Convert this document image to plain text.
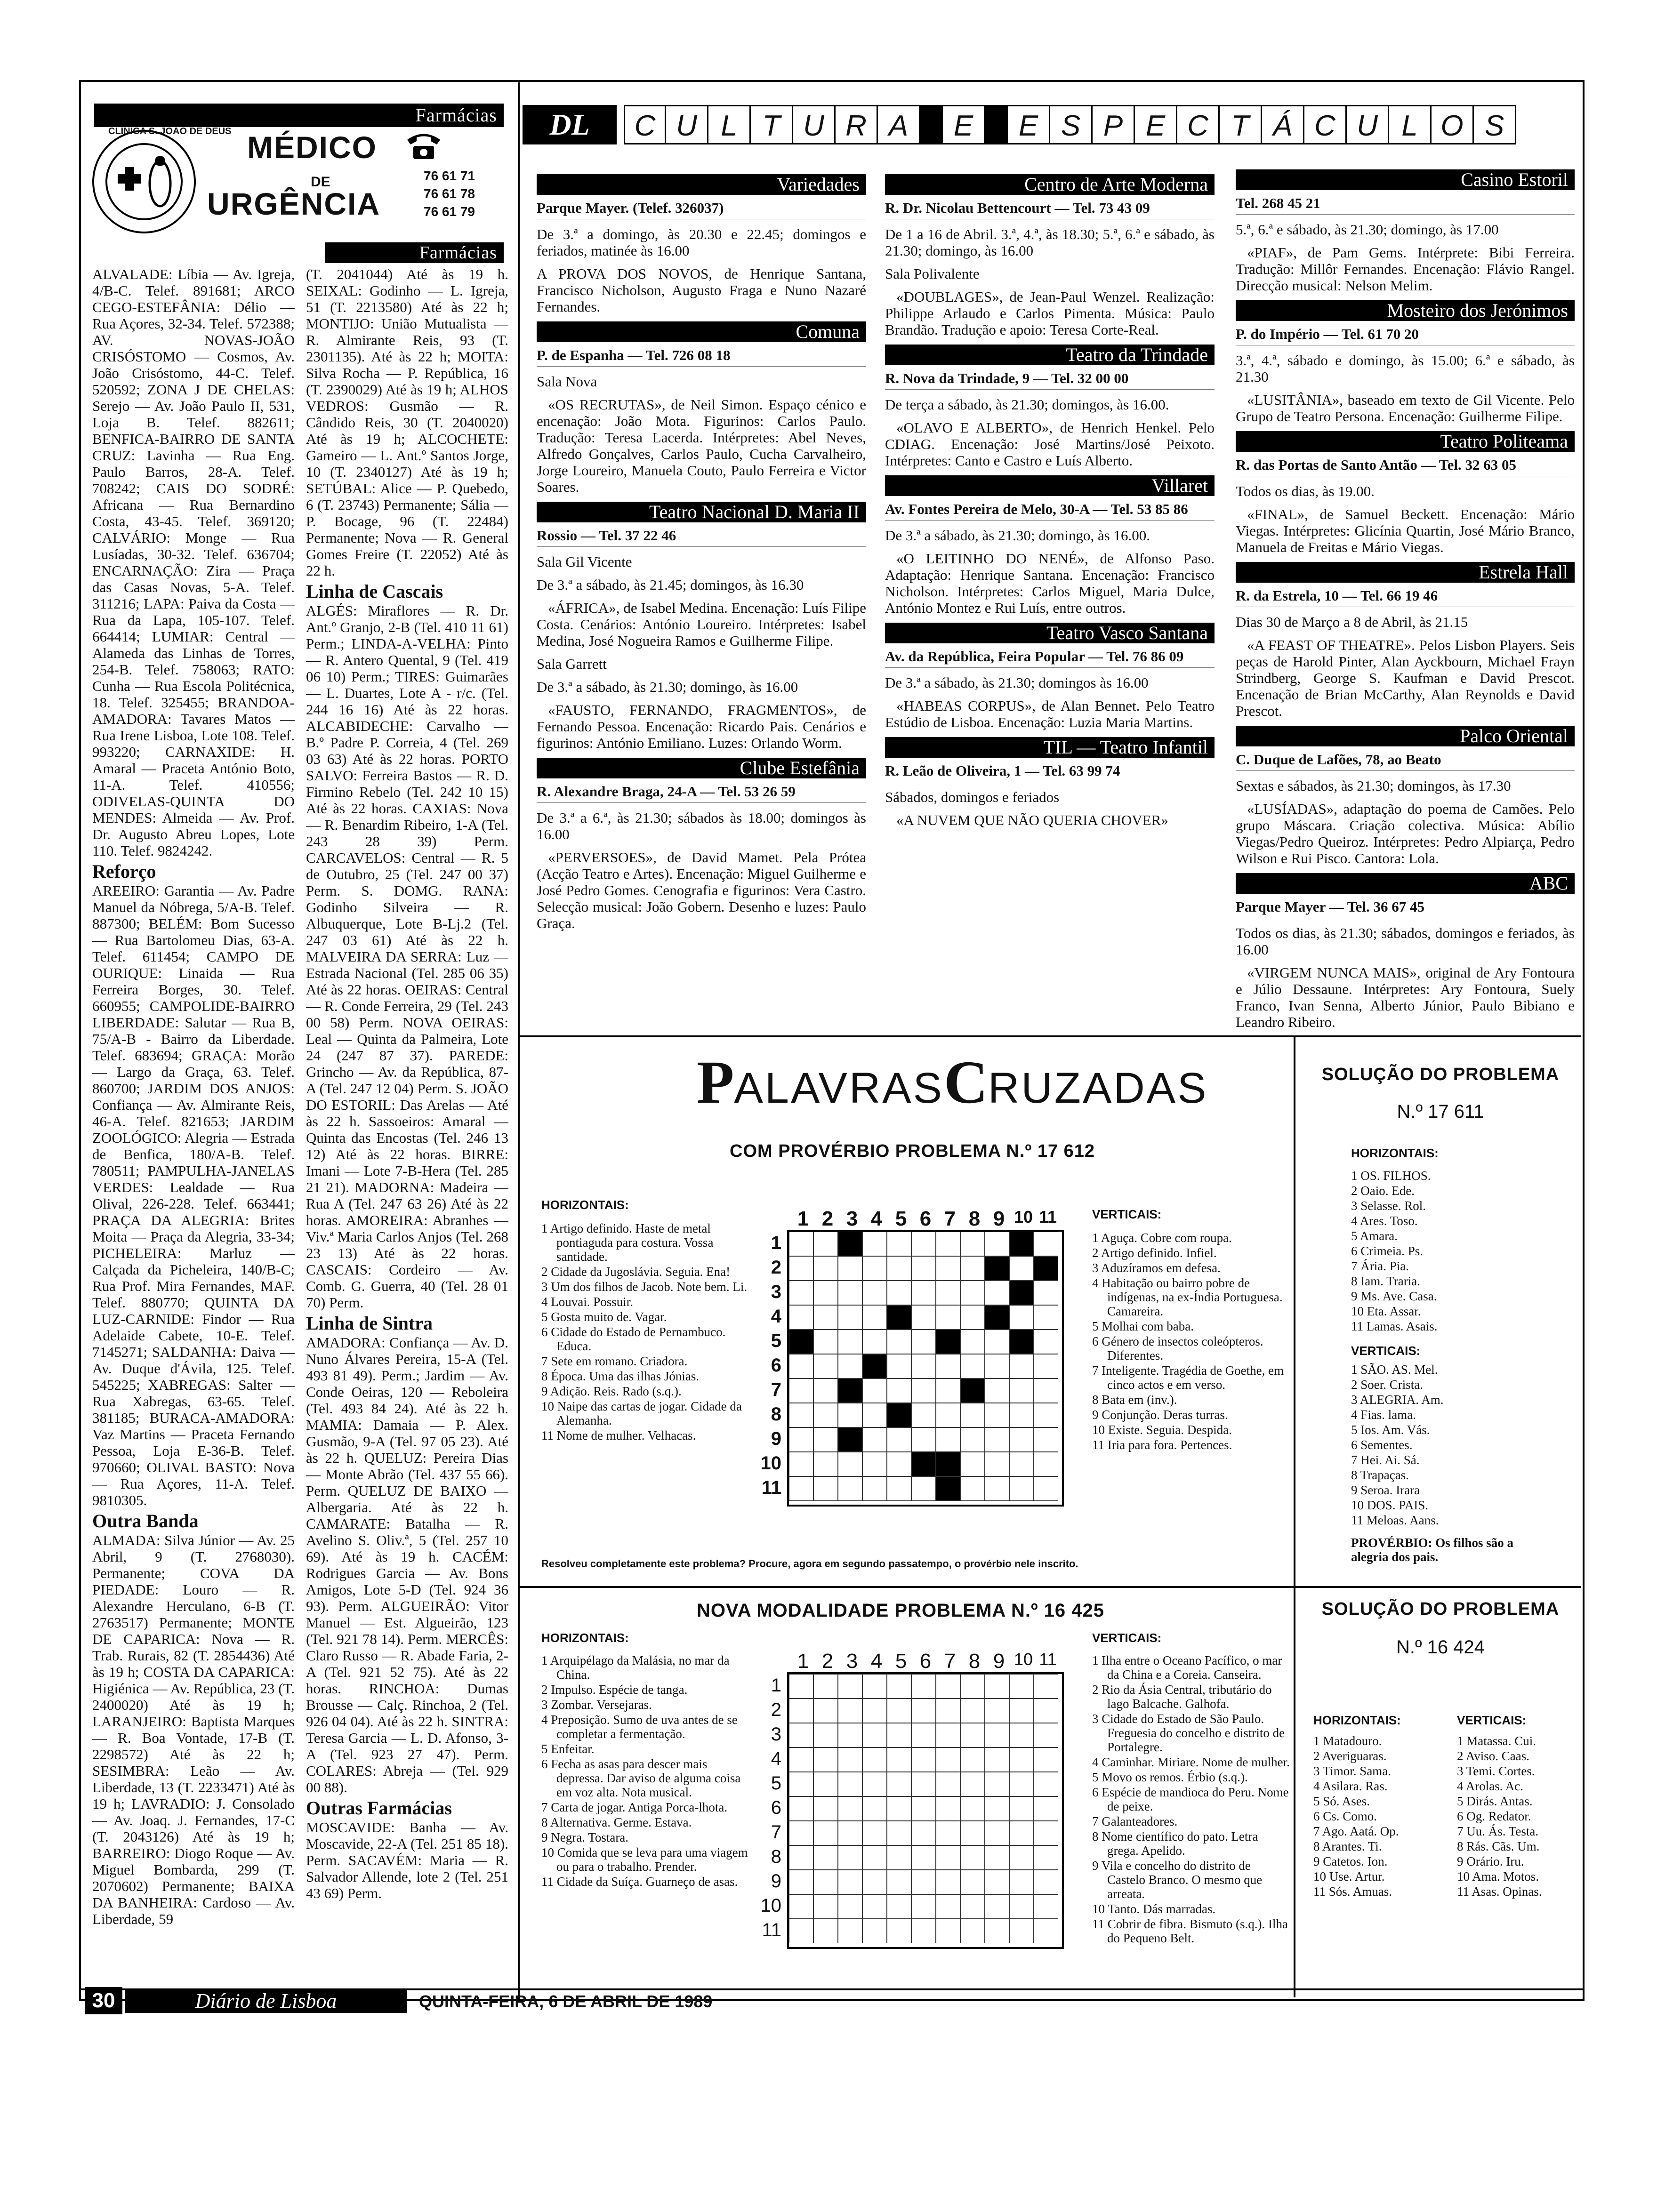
Farmácias
CLÍNICA S. JOÃO DE DEUS MÉDICO
DE
URGÊNCIA
76 61 71
76 61 78
76 61 79
Farmácias
ALVALADE: Líbia — Av. Igreja, 4/B-C. Telef. 891681; ARCO CEGO-ESTEFÂNIA: Délio — Rua Açores, 32-34. Telef. 572388; AV. NOVAS-JOÃO CRISÓSTOMO — Cosmos, Av. João Crisóstomo, 44-C. Telef. 520592; ZONA J DE CHELAS: Serejo — Av. João Paulo II, 531, Loja B. Telef. 882611; BENFICA-BAIRRO DE SANTA CRUZ: Lavinha — Rua Eng. Paulo Barros, 28-A. Telef. 708242; CAIS DO SODRÉ: Africana — Rua Bernardino Costa, 43-45. Telef. 369120; CALVÁRIO: Monge — Rua Lusíadas, 30-32. Telef. 636704; ENCARNAÇÃO: Zira — Praça das Casas Novas, 5-A. Telef. 311216; LAPA: Paiva da Costa — Rua da Lapa, 105-107. Telef. 664414; LUMIAR: Central — Alameda das Linhas de Torres, 254-B. Telef. 758063; RATO: Cunha — Rua Escola Politécnica, 18. Telef. 325455; BRANDOA-AMADORA: Tavares Matos — Rua Irene Lisboa, Lote 108. Telef. 993220; CARNAXIDE: H. Amaral — Praceta António Boto, 11-A. Telef. 410556; ODIVELAS-QUINTA DO MENDES: Almeida — Av. Prof. Dr. Augusto Abreu Lopes, Lote 110. Telef. 9824242.
Reforço
AREEIRO: Garantia — Av. Padre Manuel da Nóbrega, 5/A-B. Telef. 887300; BELÉM: Bom Sucesso — Rua Bartolomeu Dias, 63-A. Telef. 611454; CAMPO DE OURIQUE: Linaida — Rua Ferreira Borges, 30. Telef. 660955; CAMPOLIDE-BAIRRO LIBERDADE: Salutar — Rua B, 75/A-B - Bairro da Liberdade. Telef. 683694; GRAÇA: Morão — Largo da Graça, 63. Telef. 860700; JARDIM DOS ANJOS: Confiança — Av. Almirante Reis, 46-A. Telef. 821653; JARDIM ZOOLÓGICO: Alegria — Estrada de Benfica, 180/A-B. Telef. 780511; PAMPULHA-JANELAS VERDES: Lealdade — Rua Olival, 226-228. Telef. 663441; PRAÇA DA ALEGRIA: Brites Moita — Praça da Alegria, 33-34; PICHELEIRA: Marluz — Calçada da Picheleira, 140/B-C; Rua Prof. Mira Fernandes, MAF. Telef. 880770; QUINTA DA LUZ-CARNIDE: Findor — Rua Adelaide Cabete, 10-E. Telef. 7145271; SALDANHA: Daiva — Av. Duque d'Ávila, 125. Telef. 545225; XABREGAS: Salter — Rua Xabregas, 63-65. Telef. 381185; BURACA-AMADORA: Vaz Martins — Praceta Fernando Pessoa, Loja E-36-B. Telef. 970660; OLIVAL BASTO: Nova — Rua Açores, 11-A. Telef. 9810305.
Outra Banda
ALMADA: Silva Júnior — Av. 25 Abril, 9 (T. 2768030). Permanente; COVA DA PIEDADE: Louro — R. Alexandre Herculano, 6-B (T. 2763517) Permanente; MONTE DE CAPARICA: Nova — R. Trab. Rurais, 82 (T. 2854436) Até às 19 h; COSTA DA CAPARICA: Higiénica — Av. República, 23 (T. 2400020) Até às 19 h; LARANJEIRO: Baptista Marques — R. Boa Vontade, 17-B (T. 2298572) Até às 22 h; SESIMBRA: Leão — Av. Liberdade, 13 (T. 2233471) Até às 19 h; LAVRADIO: J. Consolado — Av. Joaq. J. Fernandes, 17-C (T. 2043126) Até às 19 h; BARREIRO: Diogo Roque — Av. Miguel Bombarda, 299 (T. 2070602) Permanente; BAIXA DA BANHEIRA: Cardoso — Av. Liberdade, 59
(T. 2041044) Até às 19 h. SEIXAL: Godinho — L. Igreja, 51 (T. 2213580) Até às 22 h; MONTIJO: União Mutualista — R. Almirante Reis, 93 (T. 2301135). Até às 22 h; MOITA: Silva Rocha — P. República, 16 (T. 2390029) Até às 19 h; ALHOS VEDROS: Gusmão — R. Cândido Reis, 30 (T. 2040020) Até às 19 h; ALCOCHETE: Gameiro — L. Ant.º Santos Jorge, 10 (T. 2340127) Até às 19 h; SETÚBAL: Alice — P. Quebedo, 6 (T. 23743) Permanente; Sália — P. Bocage, 96 (T. 22484) Permanente; Nova — R. General Gomes Freire (T. 22052) Até às 22 h.
Linha de Cascais
ALGÉS: Miraflores — R. Dr. Ant.º Granjo, 2-B (Tel. 410 11 61) Perm.; LINDA-A-VELHA: Pinto — R. Antero Quental, 9 (Tel. 419 06 10) Perm.; TIRES: Guimarães — L. Duartes, Lote A - r/c. (Tel. 244 16 16) Até às 22 horas. ALCABIDECHE: Carvalho — B.º Padre P. Correia, 4 (Tel. 269 03 63) Até às 22 horas. PORTO SALVO: Ferreira Bastos — R. D. Firmino Rebelo (Tel. 242 10 15) Até às 22 horas. CAXIAS: Nova — R. Benardim Ribeiro, 1-A (Tel. 243 28 39) Perm. CARCAVELOS: Central — R. 5 de Outubro, 25 (Tel. 247 00 37) Perm. S. DOMG. RANA: Godinho Silveira — R. Albuquerque, Lote B-Lj.2 (Tel. 247 03 61) Até às 22 h. MALVEIRA DA SERRA: Luz — Estrada Nacional (Tel. 285 06 35) Até às 22 horas. OEIRAS: Central — R. Conde Ferreira, 29 (Tel. 243 00 58) Perm. NOVA OEIRAS: Leal — Quinta da Palmeira, Lote 24 (247 87 37). PAREDE: Grincho — Av. da República, 87-A (Tel. 247 12 04) Perm. S. JOÃO DO ESTORIL: Das Arelas — Até às 22 h. Sassoeiros: Amaral — Quinta das Encostas (Tel. 246 13 12) Até às 22 horas. BIRRE: Imani — Lote 7-B-Hera (Tel. 285 21 21). MADORNA: Madeira — Rua A (Tel. 247 63 26) Até às 22 horas. AMOREIRA: Abranhes — Viv.ª Maria Carlos Anjos (Tel. 268 23 13) Até às 22 horas. CASCAIS: Cordeiro — Av. Comb. G. Guerra, 40 (Tel. 28 01 70) Perm.
Linha de Sintra
AMADORA: Confiança — Av. D. Nuno Álvares Pereira, 15-A (Tel. 493 81 49). Perm.; Jardim — Av. Conde Oeiras, 120 — Reboleira (Tel. 493 84 24). Até às 22 h. MAMIA: Damaia — P. Alex. Gusmão, 9-A (Tel. 97 05 23). Até às 22 h. QUELUZ: Pereira Dias — Monte Abrão (Tel. 437 55 66). Perm. QUELUZ DE BAIXO — Albergaria. Até às 22 h. CAMARATE: Batalha — R. Avelino S. Oliv.ª, 5 (Tel. 257 10 69). Até às 19 h. CACÉM: Rodrigues Garcia — Av. Bons Amigos, Lote 5-D (Tel. 924 36 93). Perm. ALGUEIRÃO: Vitor Manuel — Est. Algueirão, 123 (Tel. 921 78 14). Perm. MERCÊS: Claro Russo — R. Abade Faria, 2-A (Tel. 921 52 75). Até às 22 horas. RINCHOA: Dumas Brousse — Calç. Rinchoa, 2 (Tel. 926 04 04). Até às 22 h. SINTRA: Teresa Garcia — L. D. Afonso, 3-A (Tel. 923 27 47). Perm. COLARES: Abreja — (Tel. 929 00 88).
Outras Farmácias
MOSCAVIDE: Banha — Av. Moscavide, 22-A (Tel. 251 85 18). Perm. SACAVÉM: Maria — R. Salvador Allende, lote 2 (Tel. 251 43 69) Perm.
DL	C U L T U R A	E	E S P E C T Á C U L O S
Variedades

Parque Mayer. (Telef. 326037)

De 3.ª a domingo, às 20.30 e 22.45; domingos e feriados, matinée às 16.00

A PROVA DOS NOVOS, de Henrique Santana, Francisco Nicholson, Augusto Fraga e Nuno Nazaré Fernandes.

Comuna

P. de Espanha — Tel. 726 08 18

Sala Nova

«OS RECRUTAS», de Neil Simon. Espaço cénico e encenação: João Mota. Figurinos: Carlos Paulo. Tradução: Teresa Lacerda. Intérpretes: Abel Neves, Alfredo Gonçalves, Carlos Paulo, Cucha Carvalheiro, Jorge Loureiro, Manuela Couto, Paulo Ferreira e Victor Soares.

Teatro Nacional D. Maria II

Rossio — Tel. 37 22 46

Sala Gil Vicente

De 3.ª a sábado, às 21.45; domingos, às 16.30

«ÁFRICA», de Isabel Medina. Encenação: Luís Filipe Costa. Cenários: António Loureiro. Intérpretes: Isabel Medina, José Nogueira Ramos e Guilherme Filipe.

Sala Garrett

De 3.ª a sábado, às 21.30; domingo, às 16.00

«FAUSTO, FERNANDO, FRAGMENTOS», de Fernando Pessoa. Encenação: Ricardo Pais. Cenários e figurinos: António Emiliano. Luzes: Orlando Worm.

Clube Estefânia

R. Alexandre Braga, 24-A — Tel. 53 26 59

De 3.ª a 6.ª, às 21.30; sábados às 18.00; domingos às 16.00

«PERVERSOES», de David Mamet. Pela Prótea (Acção Teatro e Artes). Encenação: Miguel Guilherme e José Pedro Gomes. Cenografia e figurinos: Vera Castro. Selecção musical: João Gobern. Desenho e luzes: Paulo Graça.

Centro de Arte Moderna

R. Dr. Nicolau Bettencourt — Tel. 73 43 09

De 1 a 16 de Abril. 3.ª, 4.ª, às 18.30; 5.ª, 6.ª e sábado, às 21.30; domingo, às 16.00

Sala Polivalente

«DOUBLAGES», de Jean-Paul Wenzel. Realização: Philippe Arlaudo e Carlos Pimenta. Música: Paulo Brandão. Tradução e apoio: Teresa Corte-Real.

Teatro da Trindade

R. Nova da Trindade, 9 — Tel. 32 00 00

De terça a sábado, às 21.30; domingos, às 16.00.

«OLAVO E ALBERTO», de Henrich Henkel. Pelo CDIAG. Encenação: José Martins/José Peixoto. Intérpretes: Canto e Castro e Luís Alberto.

Villaret

Av. Fontes Pereira de Melo, 30-A — Tel. 53 85 86

De 3.ª a sábado, às 21.30; domingo, às 16.00.

«O LEITINHO DO NENÉ», de Alfonso Paso. Adaptação: Henrique Santana. Encenação: Francisco Nicholson. Intérpretes: Carlos Miguel, Maria Dulce, António Montez e Rui Luís, entre outros.

Teatro Vasco Santana

Av. da República, Feira Popular — Tel. 76 86 09

De 3.ª a sábado, às 21.30; domingos às 16.00

«HABEAS CORPUS», de Alan Bennet. Pelo Teatro Estúdio de Lisboa. Encenação: Luzia Maria Martins.

TIL — Teatro Infantil

R. Leão de Oliveira, 1 — Tel. 63 99 74

Sábados, domingos e feriados

«A NUVEM QUE NÃO QUERIA CHOVER»

Casino Estoril

Tel. 268 45 21

5.ª, 6.ª e sábado, às 21.30; domingo, às 17.00

«PIAF», de Pam Gems. Intérprete: Bibi Ferreira. Tradução: Millôr Fernandes. Encenação: Flávio Rangel. Direcção musical: Nelson Melim.

Mosteiro dos Jerónimos

P. do Império — Tel. 61 70 20

3.ª, 4.ª, sábado e domingo, às 15.00; 6.ª e sábado, às 21.30

«LUSITÂNIA», baseado em texto de Gil Vicente. Pelo Grupo de Teatro Persona. Encenação: Guilherme Filipe.

Teatro Politeama

R. das Portas de Santo Antão — Tel. 32 63 05

Todos os dias, às 19.00.

«FINAL», de Samuel Beckett. Encenação: Mário Viegas. Intérpretes: Glicínia Quartin, José Mário Branco, Manuela de Freitas e Mário Viegas.

Estrela Hall

R. da Estrela, 10 — Tel. 66 19 46

Dias 30 de Março a 8 de Abril, às 21.15

«A FEAST OF THEATRE». Pelos Lisbon Players. Seis peças de Harold Pinter, Alan Ayckbourn, Michael Frayn Strindberg, George S. Kaufman e David Prescot. Encenação de Brian McCarthy, Alan Reynolds e David Prescot.

Palco Oriental

C. Duque de Lafões, 78, ao Beato

Sextas e sábados, às 21.30; domingos, às 17.30

«LUSÍADAS», adaptação do poema de Camões. Pelo grupo Máscara. Criação colectiva. Música: Abílio Viegas/Pedro Queiroz. Intérpretes: Pedro Alpiarça, Pedro Wilson e Rui Pisco. Cantora: Lola.

ABC

Parque Mayer — Tel. 36 67 45

Todos os dias, às 21.30; sábados, domingos e feriados, às 16.00

«VIRGEM NUNCA MAIS», original de Ary Fontoura e Júlio Dessaune. Intérpretes: Ary Fontoura, Suely Franco, Ivan Senna, Alberto Júnior, Paulo Bibiano e Leandro Ribeiro.

PALAVRASCRUZADAS
COM PROVÉRBIO PROBLEMA N.º 17 612
HORIZONTAIS:
1 Artigo definido. Haste de metal pontiaguda para costura. Vossa santidade.
2 Cidade da Jugoslávia. Seguia. Ena!
3 Um dos filhos de Jacob. Note bem. Li.
4 Louvai. Possuir.
5 Gosta muito de. Vagar.
6 Cidade do Estado de Pernambuco. Educa.
7 Sete em romano. Criadora.
8 Época. Uma das ilhas Jónias.
9 Adição. Reis. Rado (s.q.).
10 Naipe das cartas de jogar. Cidade da Alemanha.
11 Nome de mulher. Velhacas.
VERTICAIS:
1 Aguça. Cobre com roupa.
2 Artigo definido. Infiel.
3 Aduzíramos em defesa.
4 Habitação ou bairro pobre de indígenas, na ex-Índia Portuguesa. Camareira.
5 Molhai com baba.
6 Género de insectos coleópteros. Diferentes.
7 Inteligente. Tragédia de Goethe, em cinco actos e em verso.
8 Bata em (inv.).
9 Conjunção. Deras turras.
10 Existe. Seguia. Despida.
11 Iria para fora. Pertences.
1 2 3 4 5 6 7 8 9 10 11
1
2
3
4
5
6
7
8
9
10
11
Resolveu completamente este problema? Procure, agora em segundo passatempo, o provérbio nele inscrito.
SOLUÇÃO DO PROBLEMA
N.º 17 611
HORIZONTAIS:
1 OS. FILHOS.
2 Oaio. Ede.
3 Selasse. Rol.
4 Ares. Toso.
5 Amara.
6 Crimeia. Ps.
7 Ária. Pia.
8 Iam. Traria.
9 Ms. Ave. Casa.
10 Eta. Assar.
11 Lamas. Asais.
VERTICAIS:
1 SÃO. AS. Mel.
2 Soer. Crista.
3 ALEGRIA. Am.
4 Fias. lama.
5 Ios. Am. Vás.
6 Sementes.
7 Hei. Ai. Sá.
8 Trapaças.
9 Seroa. Irara
10 DOS. PAIS.
11 Meloas. Aans.
PROVÉRBIO: Os filhos são a alegria dos pais.
NOVA MODALIDADE PROBLEMA N.º 16 425
HORIZONTAIS:
1 Arquipélago da Malásia, no mar da China.
2 Impulso. Espécie de tanga.
3 Zombar. Versejaras.
4 Preposição. Sumo de uva antes de se completar a fermentação.
5 Enfeitar.
6 Fecha as asas para descer mais depressa. Dar aviso de alguma coisa em voz alta. Nota musical.
7 Carta de jogar. Antiga Porca-lhota.
8 Alternativa. Germe. Estava.
9 Negra. Tostara.
10 Comida que se leva para uma viagem ou para o trabalho. Prender.
11 Cidade da Suíça. Guarneço de asas.
VERTICAIS:
1 Ilha entre o Oceano Pacífico, o mar da China e a Coreia. Canseira.
2 Rio da Ásia Central, tributário do lago Balcache. Galhofa.
3 Cidade do Estado de São Paulo. Freguesia do concelho e distrito de Portalegre.
4 Caminhar. Miriare. Nome de mulher.
5 Movo os remos. Érbio (s.q.).
6 Espécie de mandioca do Peru. Nome de peixe.
7 Galanteadores.
8 Nome científico do pato. Letra grega. Apelido.
9 Vila e concelho do distrito de Castelo Branco. O mesmo que arreata.
10 Tanto. Dás marradas.
11 Cobrir de fibra. Bismuto (s.q.). Ilha do Pequeno Belt.
1 2 3 4 5 6 7 8 9 10 11
1
2
3
4
5
6
7
8
9
10
11
SOLUÇÃO DO PROBLEMA
N.º 16 424
HORIZONTAIS:
1 Matadouro.
2 Averiguaras.
3 Timor. Sama.
4 Asilara. Ras.
5 Só. Ases.
6 Cs. Como.
7 Ago. Aatá. Op.
8 Arantes. Ti.
9 Catetos. Ion.
10 Use. Artur.
11 Sós. Amuas.
VERTICAIS:
1 Matassa. Cui.
2 Aviso. Caas.
3 Temi. Cortes.
4 Arolas. Ac.
5 Dirás. Antas.
6 Og. Redator.
7 Uu. Ás. Testa.
8 Rás. Cãs. Um.
9 Orário. Iru.
10 Ama. Motos.
11 Asas. Opinas.
30	Diário de Lisboa	QUINTA-FEIRA, 6 DE ABRIL DE 1989
